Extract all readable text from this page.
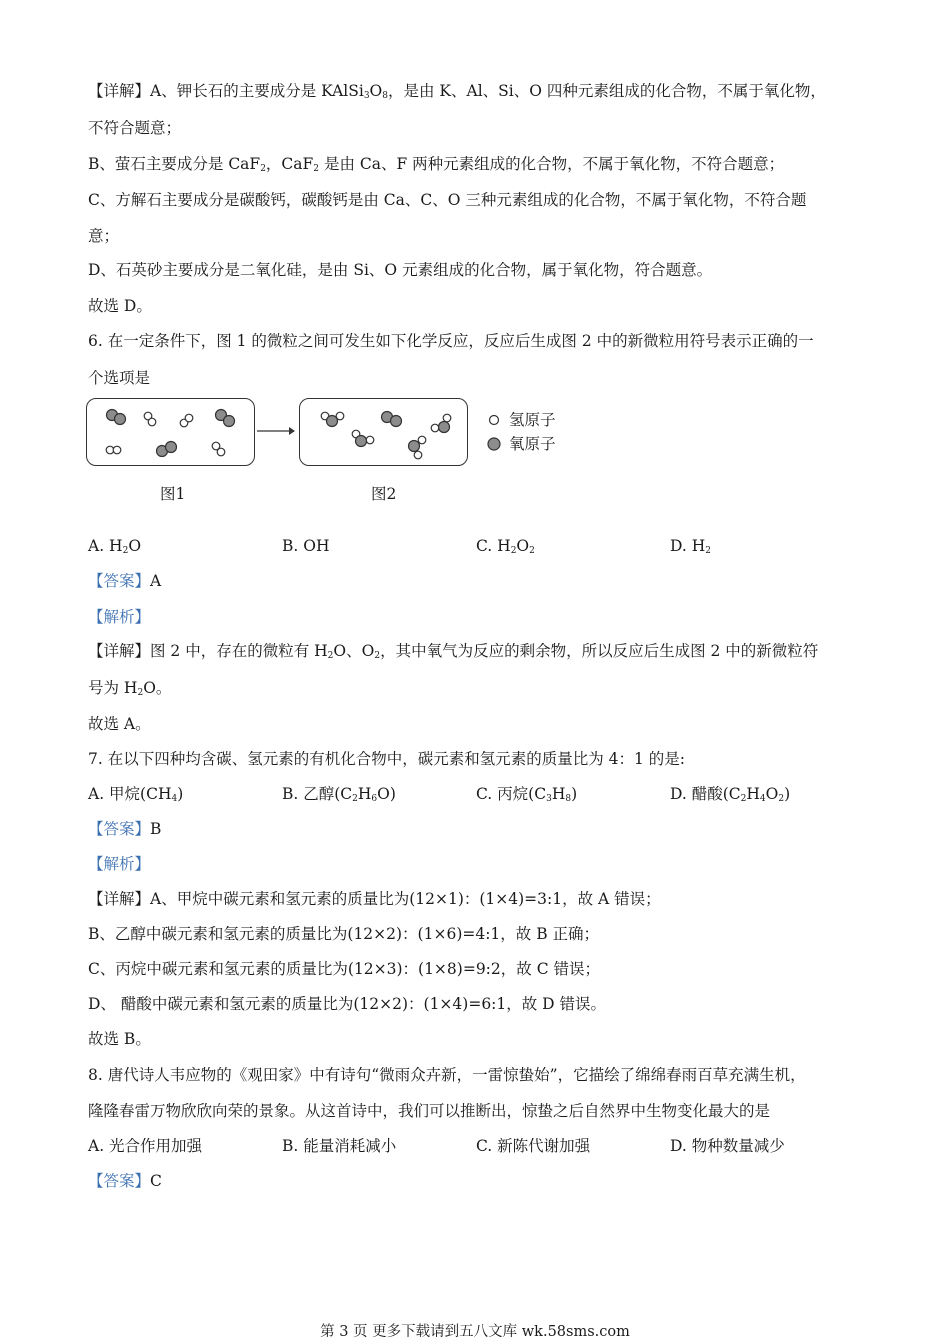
【详解】A、钾长石的主要成分是 $KAlSi_3O_8$，是由 K、Al、Si、O 四种元素组成的化合物，不属于氧化物，
不符合题意；
B、萤石主要成分是 CaF$_2$，CaF$_2$ 是由 Ca、F 两种元素组成的化合物，不属于氧化物，不符合题意；
C、方解石主要成分是碳酸钙，碳酸钙是由 Ca、C、O 三种元素组成的化合物，不属于氧化物，不符合题
意；
D、石英砂主要成分是二氧化硅，是由 Si、O 元素组成的化合物，属于氧化物，符合题意。
故选 D。
6. 在一定条件下，图 1 的微粒之间可发生如下化学反应，反应后生成图 2 中的新微粒用符号表示正确的一
个选项是
氢原子
氧原子
图1	图2
A. $H_2O$	B. OH	C. $H_2O_2$	D. $H_2$
【答案】A
【解析】
【详解】图 2 中，存在的微粒有 $H_2O$、$O_2$，其中氧气为反应的剩余物，所以反应后生成图 2 中的新微粒符
号为 $H_2O$。
故选 A。
7. 在以下四种均含碳、氢元素的有机化合物中，碳元素和氢元素的质量比为 4：1 的是:
A. 甲烷$(CH_4)$	B. 乙醇$(C_2H_6O)$	C. 丙烷$(C_3H_8)$	D. 醋酸$(C_2H_4O_2)$
【答案】B
【解析】
【详解】A、甲烷中碳元素和氢元素的质量比为(12×1)：(1×4)=3:1，故 A 错误；
B、乙醇中碳元素和氢元素的质量比为(12×2)：(1×6)=4:1，故 B 正确；
C、丙烷中碳元素和氢元素的质量比为(12×3)：(1×8)=9:2，故 C 错误；
D、 醋酸中碳元素和氢元素的质量比为(12×2)：(1×4)=6:1，故 D 错误。
故选 B。
8. 唐代诗人韦应物的《观田家》中有诗句“微雨众卉新，一雷惊蛰始”，它描绘了绵绵春雨百草充满生机，
隆隆春雷万物欣欣向荣的景象。从这首诗中，我们可以推断出，惊蛰之后自然界中生物变化最大的是
A. 光合作用加强	B. 能量消耗减小	C. 新陈代谢加强	D. 物种数量减少
【答案】C
第 3 页 更多下载请到五八文库 wk.58sms.com
